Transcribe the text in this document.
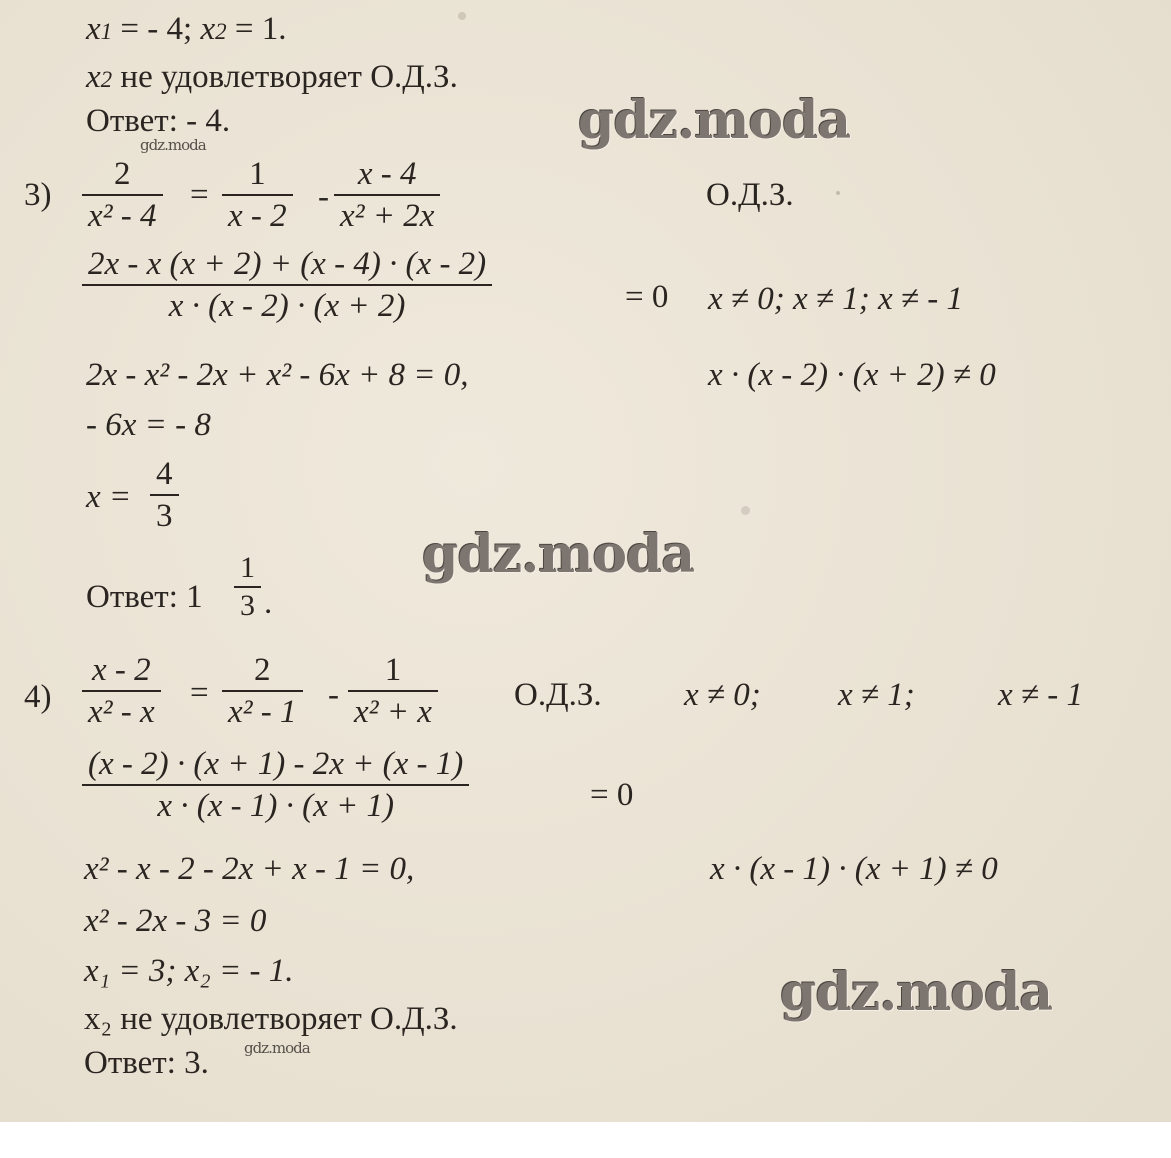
x1 = - 4; x2 = 1.
x2 не удовлетворяет О.Д.З.
Ответ: - 4.	gdz.moda
gdz.moda
3)
2
x² - 4
=
1
x - 2
-
x - 4
x² + 2x
О.Д.З.
2x - x (x + 2) + (x - 4) · (x - 2)
x · (x - 2) · (x + 2)	= 0 x ≠ 0; x ≠ 1; x ≠ - 1
2x - x² - 2x + x² - 6x + 8 = 0,	x · (x - 2) · (x + 2) ≠ 0
- 6x = - 8
x =
4
3
gdz.moda
Ответ: 1
1
3 .
4)
x - 2
x² - x
=
2
x² - 1 -
1
x² + x О.Д.З. x ≠ 0; x ≠ 1;	x ≠ - 1
(x - 2) · (x + 1) - 2x + (x - 1)
x · (x - 1) · (x + 1)	= 0
x² - x - 2 - 2x + x - 1 = 0,	x · (x - 1) · (x + 1) ≠ 0
x² - 2x - 3 = 0
x₁ = 3; x₂ = - 1.	gdz.moda
x₂ не удовлетворяет О.Д.З.
Ответ: 3. gdz.moda
